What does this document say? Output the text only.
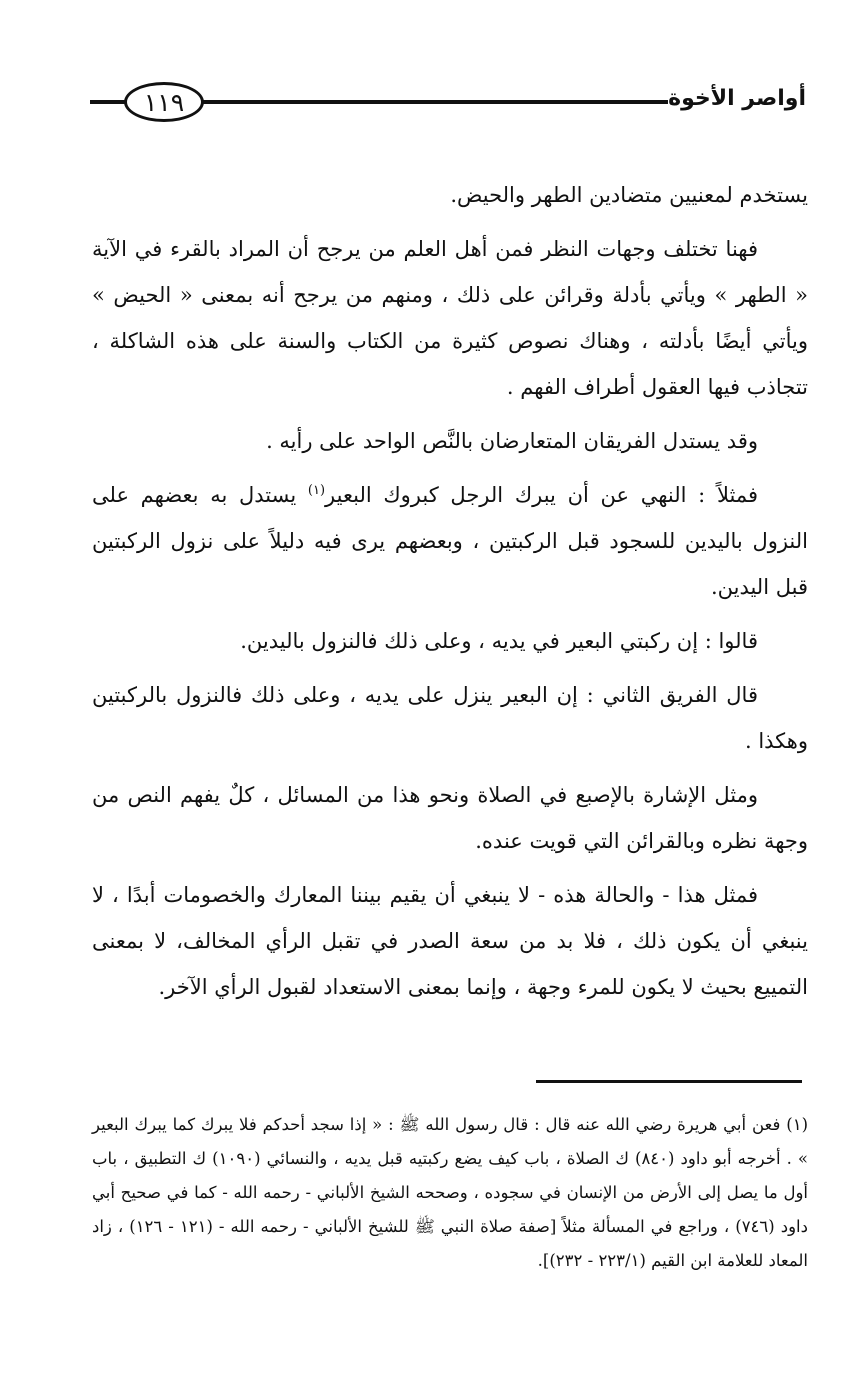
١١٩	أواصر الأخوة

يستخدم لمعنيين متضادين الطهر والحيض.

فهنا تختلف وجهات النظر فمن أهل العلم من يرجح أن المراد بالقرء في الآية « الطهر » ويأتي بأدلة وقرائن على ذلك ، ومنهم من يرجح أنه بمعنى « الحيض » ويأتي أيضًا بأدلته ، وهناك نصوص كثيرة من الكتاب والسنة على هذه الشاكلة ، تتجاذب فيها العقول أطراف الفهم .

وقد يستدل الفريقان المتعارضان بالنَّص الواحد على رأيه .

فمثلاً : النهي عن أن يبرك الرجل كبروك البعير$^{(١)}$ يستدل به بعضهم على النزول باليدين للسجود قبل الركبتين ، وبعضهم يرى فيه دليلاً على نزول الركبتين قبل اليدين.

قالوا : إن ركبتي البعير في يديه ، وعلى ذلك فالنزول باليدين.

قال الفريق الثاني : إن البعير ينزل على يديه ، وعلى ذلك فالنزول بالركبتين وهكذا .

ومثل الإشارة بالإصبع في الصلاة ونحو هذا من المسائل ، كلٌ يفهم النص من وجهة نظره وبالقرائن التي قويت عنده.

فمثل هذا - والحالة هذه - لا ينبغي أن يقيم بيننا المعارك والخصومات أبدًا ، لا ينبغي أن يكون ذلك ، فلا بد من سعة الصدر في تقبل الرأي المخالف، لا بمعنى التمييع بحيث لا يكون للمرء وجهة ، وإنما بمعنى الاستعداد لقبول الرأي الآخر.

(١) فعن أبي هريرة رضي الله عنه قال : قال رسول الله ﷺ : « إذا سجد أحدكم فلا يبرك كما يبرك البعير » . أخرجه أبو داود (٨٤٠) ك الصلاة ، باب كيف يضع ركبتيه قبل يديه ، والنسائي (١٠٩٠) ك التطبيق ، باب أول ما يصل إلى الأرض من الإنسان في سجوده ، وصححه الشيخ الألباني - رحمه الله - كما في صحيح أبي داود (٧٤٦) ، وراجع في المسألة مثلاً [صفة صلاة النبي ﷺ للشيخ الألباني - رحمه الله - (١٢١ - ١٢٦) ، زاد المعاد للعلامة ابن القيم (٢٢٣/١ - ٢٣٢)].
